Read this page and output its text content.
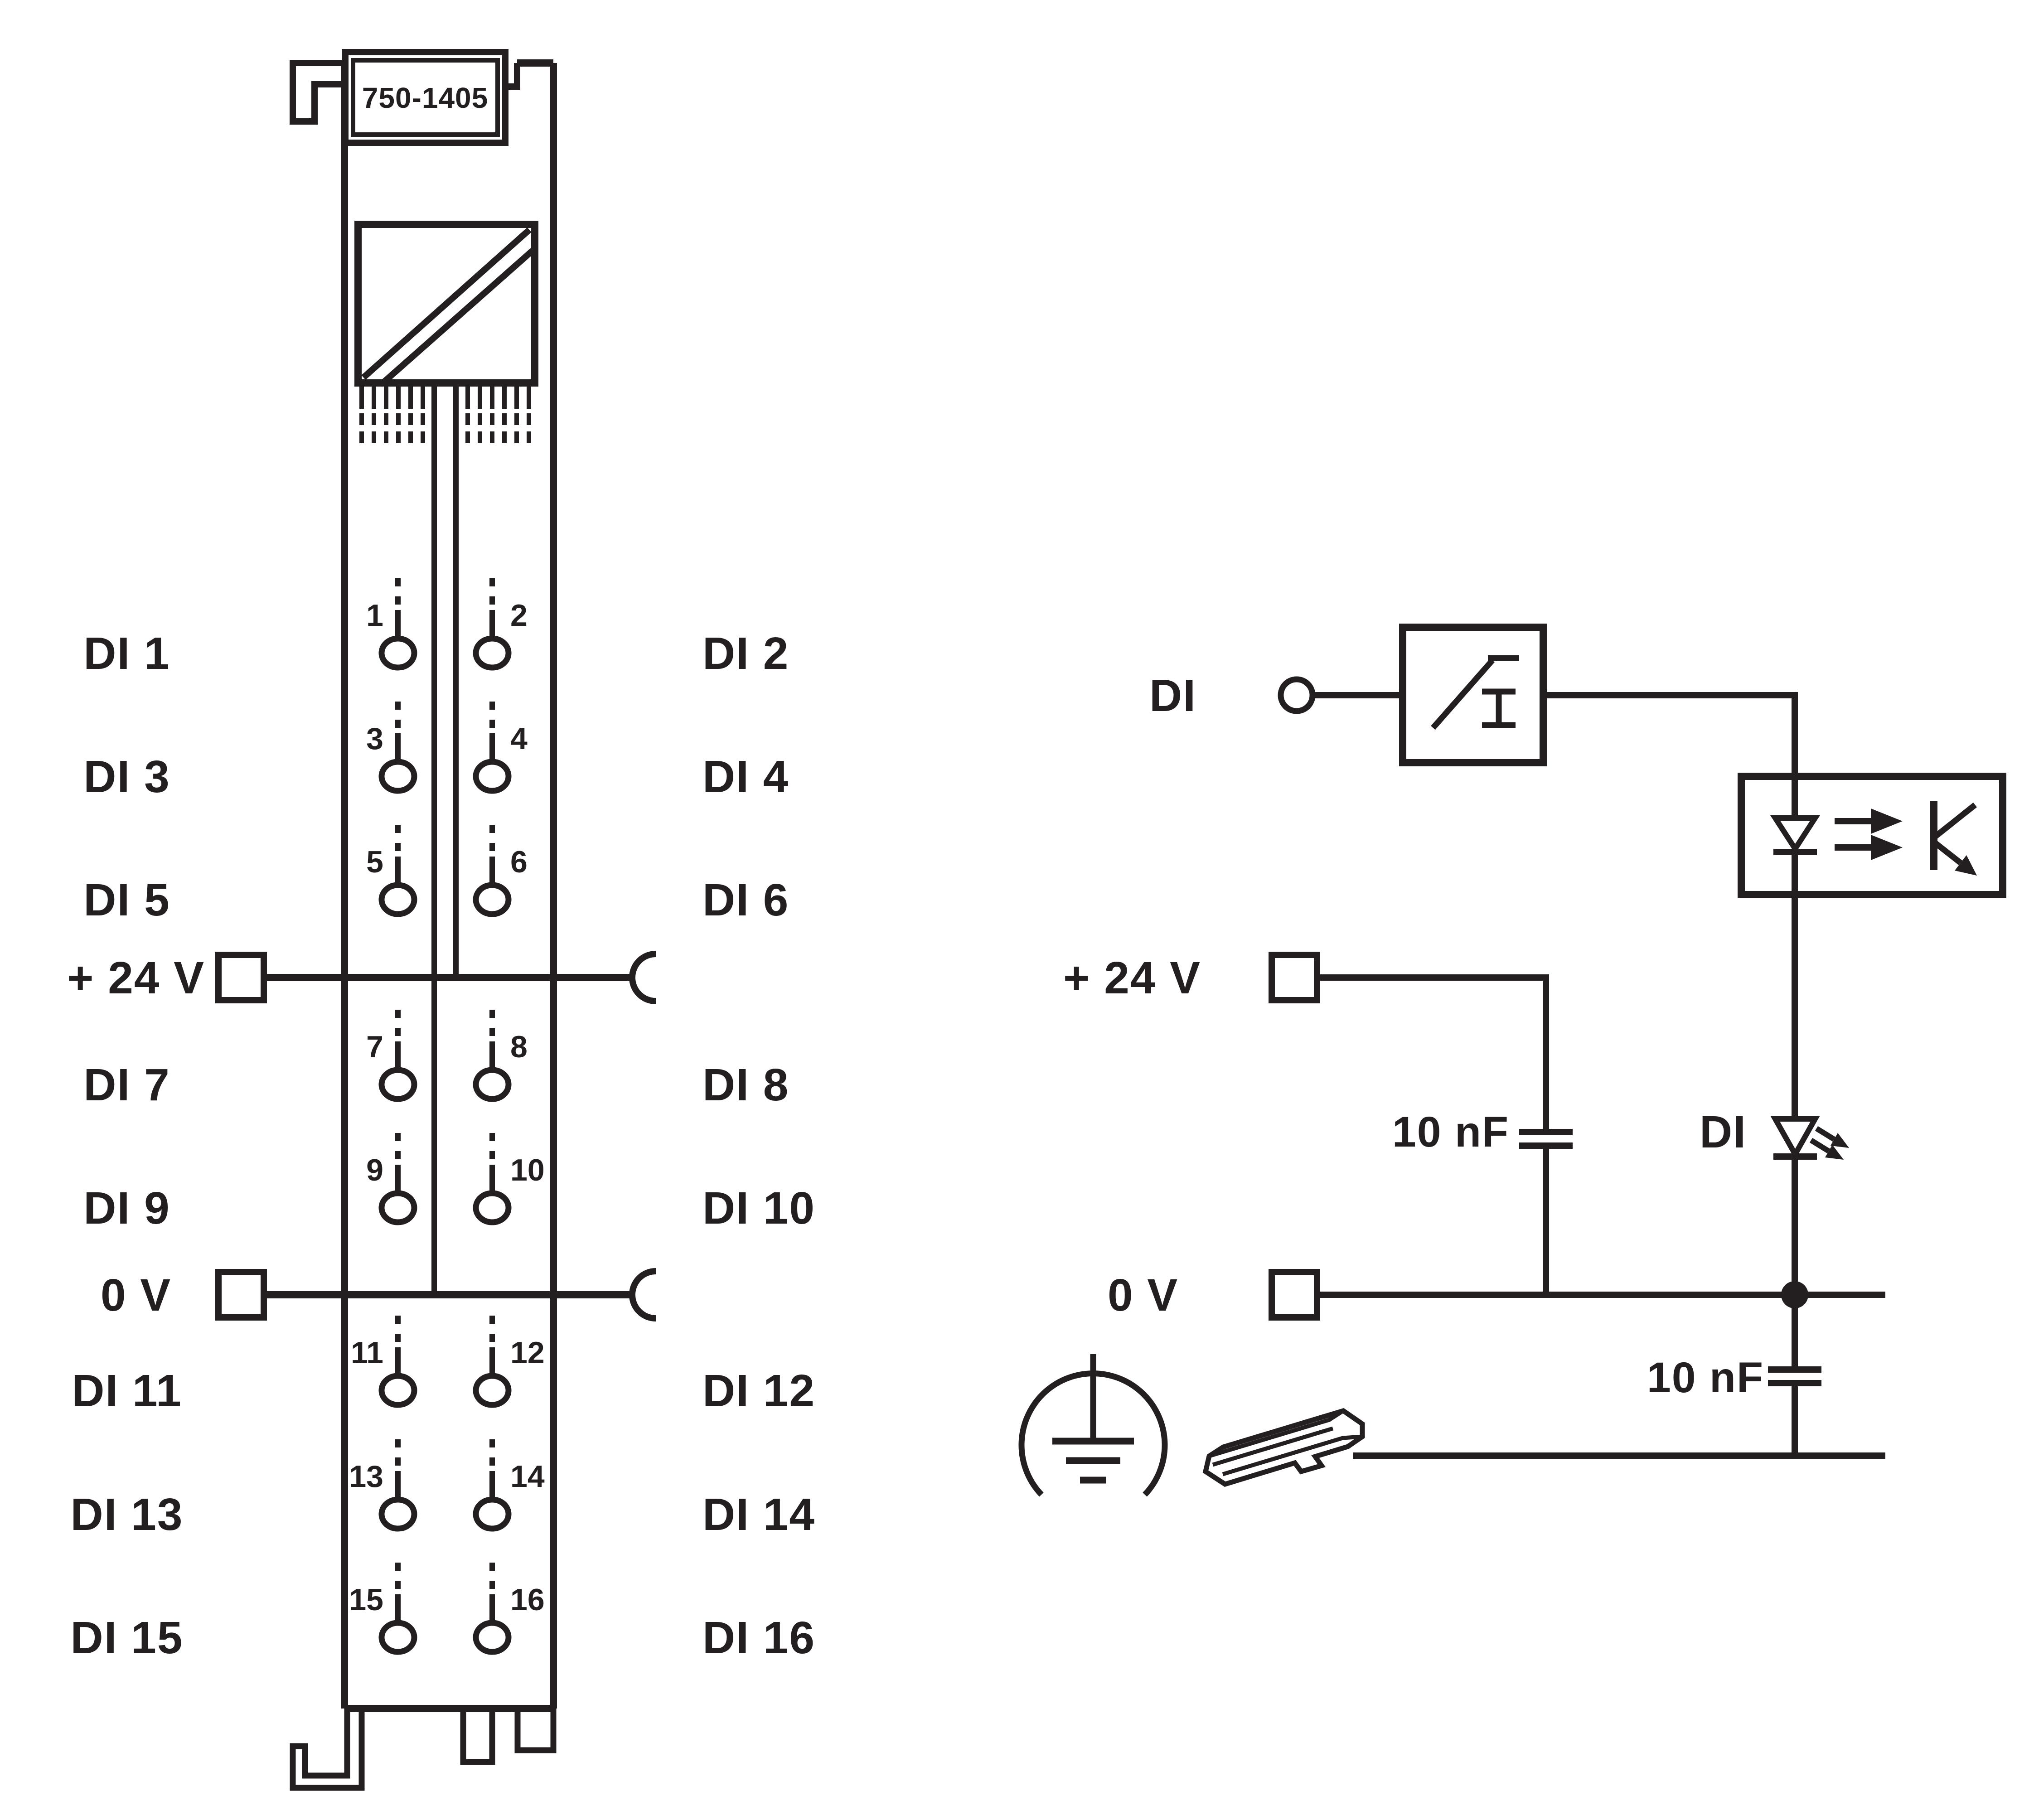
750-1405
+ 24 V
0 V
DI 1
1	2
DI 2
DI 3
3	4
DI 4
DI 5
5	6
DI 6
DI 7
7	8
DI 8
DI 9
9	10
DI 10
DI 11
11	12
DI 12
DI 13
13	14
DI 14
DI 15
15	16
DI 16
DI
DI
+ 24 V
10 nF
0 V
10 nF
